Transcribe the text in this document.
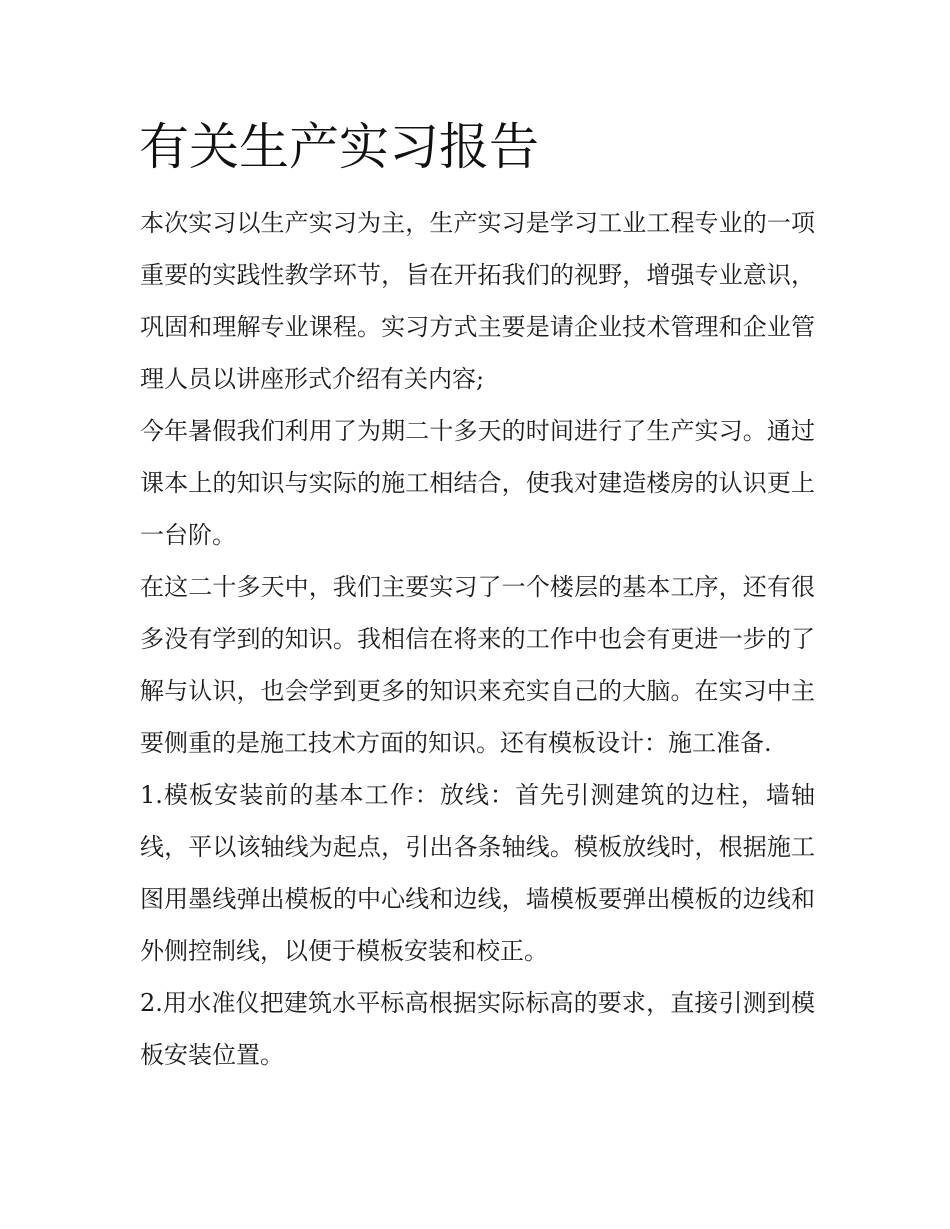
有关生产实习报告

本次实习以生产实习为主，生产实习是学习工业工程专业的一项重要的实践性教学环节，旨在开拓我们的视野，增强专业意识，巩固和理解专业课程。实习方式主要是请企业技术管理和企业管理人员以讲座形式介绍有关内容;

今年暑假我们利用了为期二十多天的时间进行了生产实习。通过课本上的知识与实际的施工相结合，使我对建造楼房的认识更上一台阶。

在这二十多天中，我们主要实习了一个楼层的基本工序，还有很多没有学到的知识。我相信在将来的工作中也会有更进一步的了解与认识，也会学到更多的知识来充实自己的大脑。在实习中主要侧重的是施工技术方面的知识。还有模板设计：施工准备.

1.模板安装前的基本工作：放线：首先引测建筑的边柱，墙轴线，平以该轴线为起点，引出各条轴线。模板放线时，根据施工图用墨线弹出模板的中心线和边线，墙模板要弹出模板的边线和外侧控制线，以便于模板安装和校正。

2.用水准仪把建筑水平标高根据实际标高的要求，直接引测到模板安装位置。
